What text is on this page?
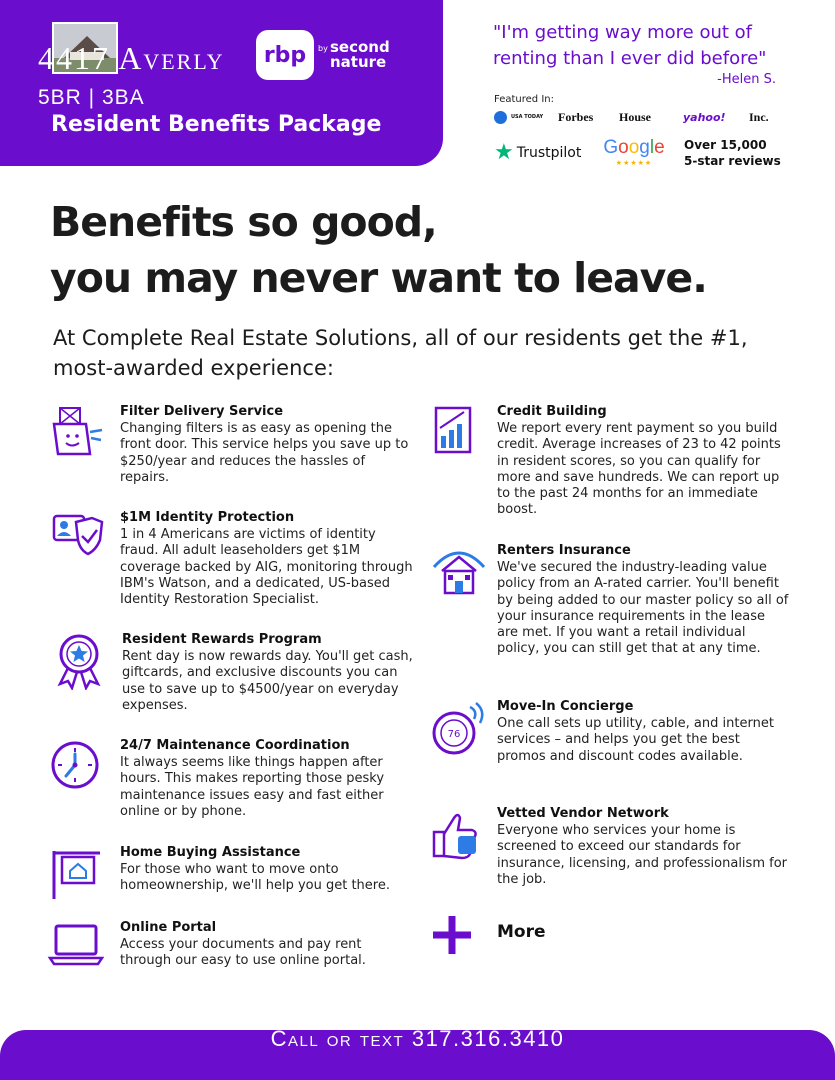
4417 Averly
5BR | 3BA
Resident Benefits Package
rbp by second nature
"I'm getting way more out of renting than I ever did before"
-Helen S.
Featured In:
USA TODAY Forbes House	yahoo! Inc.
★ Trustpilot Google
★★★★★
Over 15,000
5-star reviews
Benefits so good,
you may never want to leave.
At Complete Real Estate Solutions, all of our residents get the #1, most-awarded experience:
Filter Delivery Service
Changing filters is as easy as opening the front door. This service helps you save up to $250/year and reduces the hassles of repairs.
$1M Identity Protection
1 in 4 Americans are victims of identity fraud. All adult leaseholders get $1M coverage backed by AIG, monitoring through IBM's Watson, and a dedicated, US-based Identity Restoration Specialist.
Resident Rewards Program
Rent day is now rewards day. You'll get cash, giftcards, and exclusive discounts you can use to save up to $4500/year on everyday expenses.
24/7 Maintenance Coordination
It always seems like things happen after hours. This makes reporting those pesky maintenance issues easy and fast either online or by phone.
Home Buying Assistance
For those who want to move onto homeownership, we'll help you get there.
Online Portal
Access your documents and pay rent through our easy to use online portal.
Credit Building
We report every rent payment so you build credit. Average increases of 23 to 42 points in resident scores, so you can qualify for more and save hundreds. We can report up to the past 24 months for an immediate boost.
Renters Insurance
We've secured the industry-leading value policy from an A-rated carrier. You'll benefit by being added to our master policy so all of your insurance requirements in the lease are met. If you want a retail individual policy, you can still get that at any time.
76
Move-In Concierge
One call sets up utility, cable, and internet services – and helps you get the best promos and discount codes available.
Vetted Vendor Network
Everyone who services your home is screened to exceed our standards for insurance, licensing, and professionalism for the job.
More
Call or text 317.316.3410
